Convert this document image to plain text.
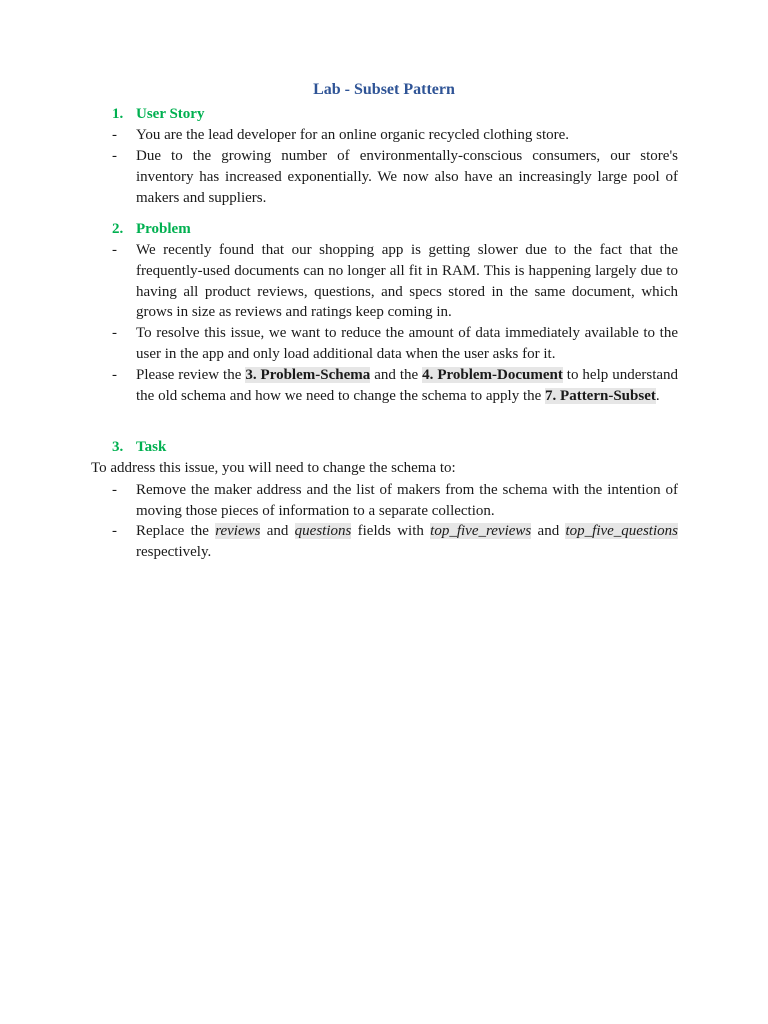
Lab - Subset Pattern
1. User Story
- You are the lead developer for an online organic recycled clothing store.
- Due to the growing number of environmentally-conscious consumers, our store's inventory has increased exponentially. We now also have an increasingly large pool of makers and suppliers.
2. Problem
- We recently found that our shopping app is getting slower due to the fact that the frequently-used documents can no longer all fit in RAM. This is happening largely due to having all product reviews, questions, and specs stored in the same document, which grows in size as reviews and ratings keep coming in.
- To resolve this issue, we want to reduce the amount of data immediately available to the user in the app and only load additional data when the user asks for it.
- Please review the 3. Problem-Schema and the 4. Problem-Document to help understand the old schema and how we need to change the schema to apply the 7. Pattern-Subset.
3. Task
To address this issue, you will need to change the schema to:
- Remove the maker address and the list of makers from the schema with the intention of moving those pieces of information to a separate collection.
- Replace the reviews and questions fields with top_five_reviews and top_five_questions respectively.
